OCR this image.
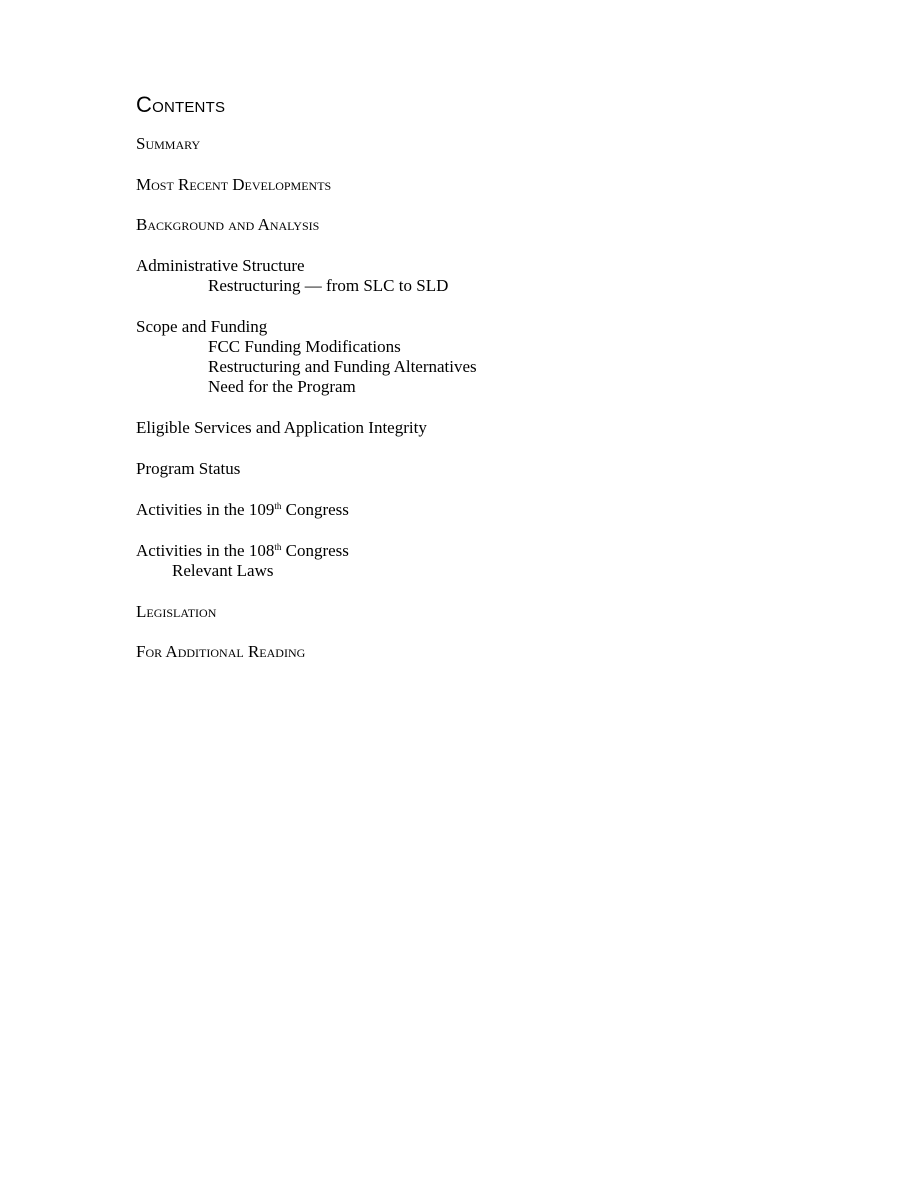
Contents
Summary
Most Recent Developments
Background and Analysis
Administrative Structure
Restructuring — from SLC to SLD
Scope and Funding
FCC Funding Modifications
Restructuring and Funding Alternatives
Need for the Program
Eligible Services and Application Integrity
Program Status
Activities in the 109th Congress
Activities in the 108th Congress
Relevant Laws
Legislation
For Additional Reading
